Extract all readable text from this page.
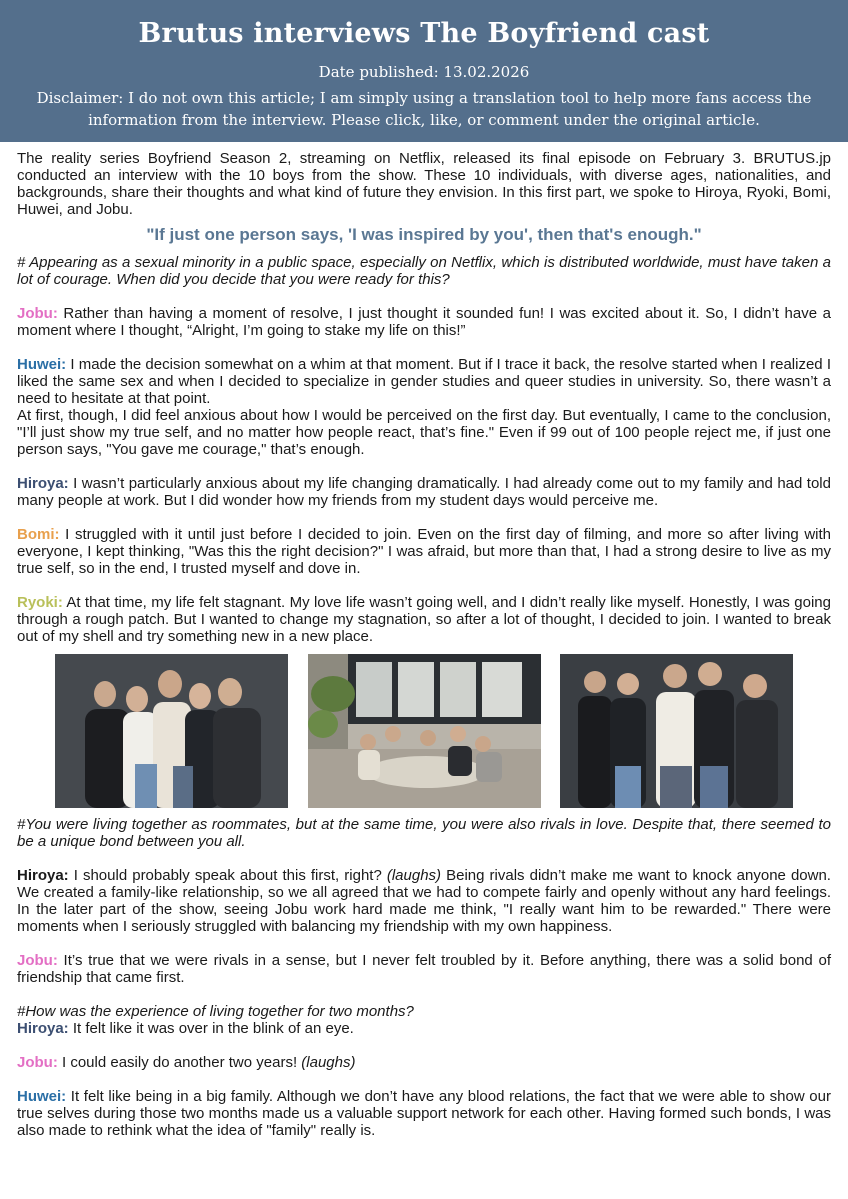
Brutus interviews The Boyfriend cast
Date published: 13.02.2026
Disclaimer: I do not own this article; I am simply using a translation tool to help more fans access the information from the interview. Please click, like, or comment under the original article.

The reality series Boyfriend Season 2, streaming on Netflix, released its final episode on February 3. BRUTUS.jp conducted an interview with the 10 boys from the show. These 10 individuals, with diverse ages, nationalities, and backgrounds, share their thoughts and what kind of future they envision. In this first part, we spoke to Hiroya, Ryoki, Bomi, Huwei, and Jobu.

"If just one person says, 'I was inspired by you', then that's enough."

# Appearing as a sexual minority in a public space, especially on Netflix, which is distributed worldwide, must have taken a lot of courage. When did you decide that you were ready for this?

Jobu: Rather than having a moment of resolve, I just thought it sounded fun! I was excited about it. So, I didn’t have a moment where I thought, “Alright, I’m going to stake my life on this!”

Huwei: I made the decision somewhat on a whim at that moment. But if I trace it back, the resolve started when I realized I liked the same sex and when I decided to specialize in gender studies and queer studies in university. So, there wasn’t a need to hesitate at that point.

At first, though, I did feel anxious about how I would be perceived on the first day. But eventually, I came to the conclusion, "I’ll just show my true self, and no matter how people react, that’s fine." Even if 99 out of 100 people reject me, if just one person says, "You gave me courage," that’s enough.

Hiroya: I wasn’t particularly anxious about my life changing dramatically. I had already come out to my family and had told many people at work. But I did wonder how my friends from my student days would perceive me.

Bomi: I struggled with it until just before I decided to join. Even on the first day of filming, and more so after living with everyone, I kept thinking, "Was this the right decision?" I was afraid, but more than that, I had a strong desire to live as my true self, so in the end, I trusted myself and dove in.

Ryoki: At that time, my life felt stagnant. My love life wasn’t going well, and I didn’t really like myself. Honestly, I was going through a rough patch. But I wanted to change my stagnation, so after a lot of thought, I decided to join. I wanted to break out of my shell and try something new in a new place.

#You were living together as roommates, but at the same time, you were also rivals in love. Despite that, there seemed to be a unique bond between you all.

Hiroya: I should probably speak about this first, right? (laughs) Being rivals didn’t make me want to knock anyone down. We created a family-like relationship, so we all agreed that we had to compete fairly and openly without any hard feelings. In the later part of the show, seeing Jobu work hard made me think, "I really want him to be rewarded." There were moments when I seriously struggled with balancing my friendship with my own happiness.

Jobu: It’s true that we were rivals in a sense, but I never felt troubled by it. Before anything, there was a solid bond of friendship that came first.

#How was the experience of living together for two months?

Hiroya: It felt like it was over in the blink of an eye.

Jobu: I could easily do another two years! (laughs)

Huwei: It felt like being in a big family. Although we don’t have any blood relations, the fact that we were able to show our true selves during those two months made us a valuable support network for each other. Having formed such bonds, I was also made to rethink what the idea of "family" really is.
